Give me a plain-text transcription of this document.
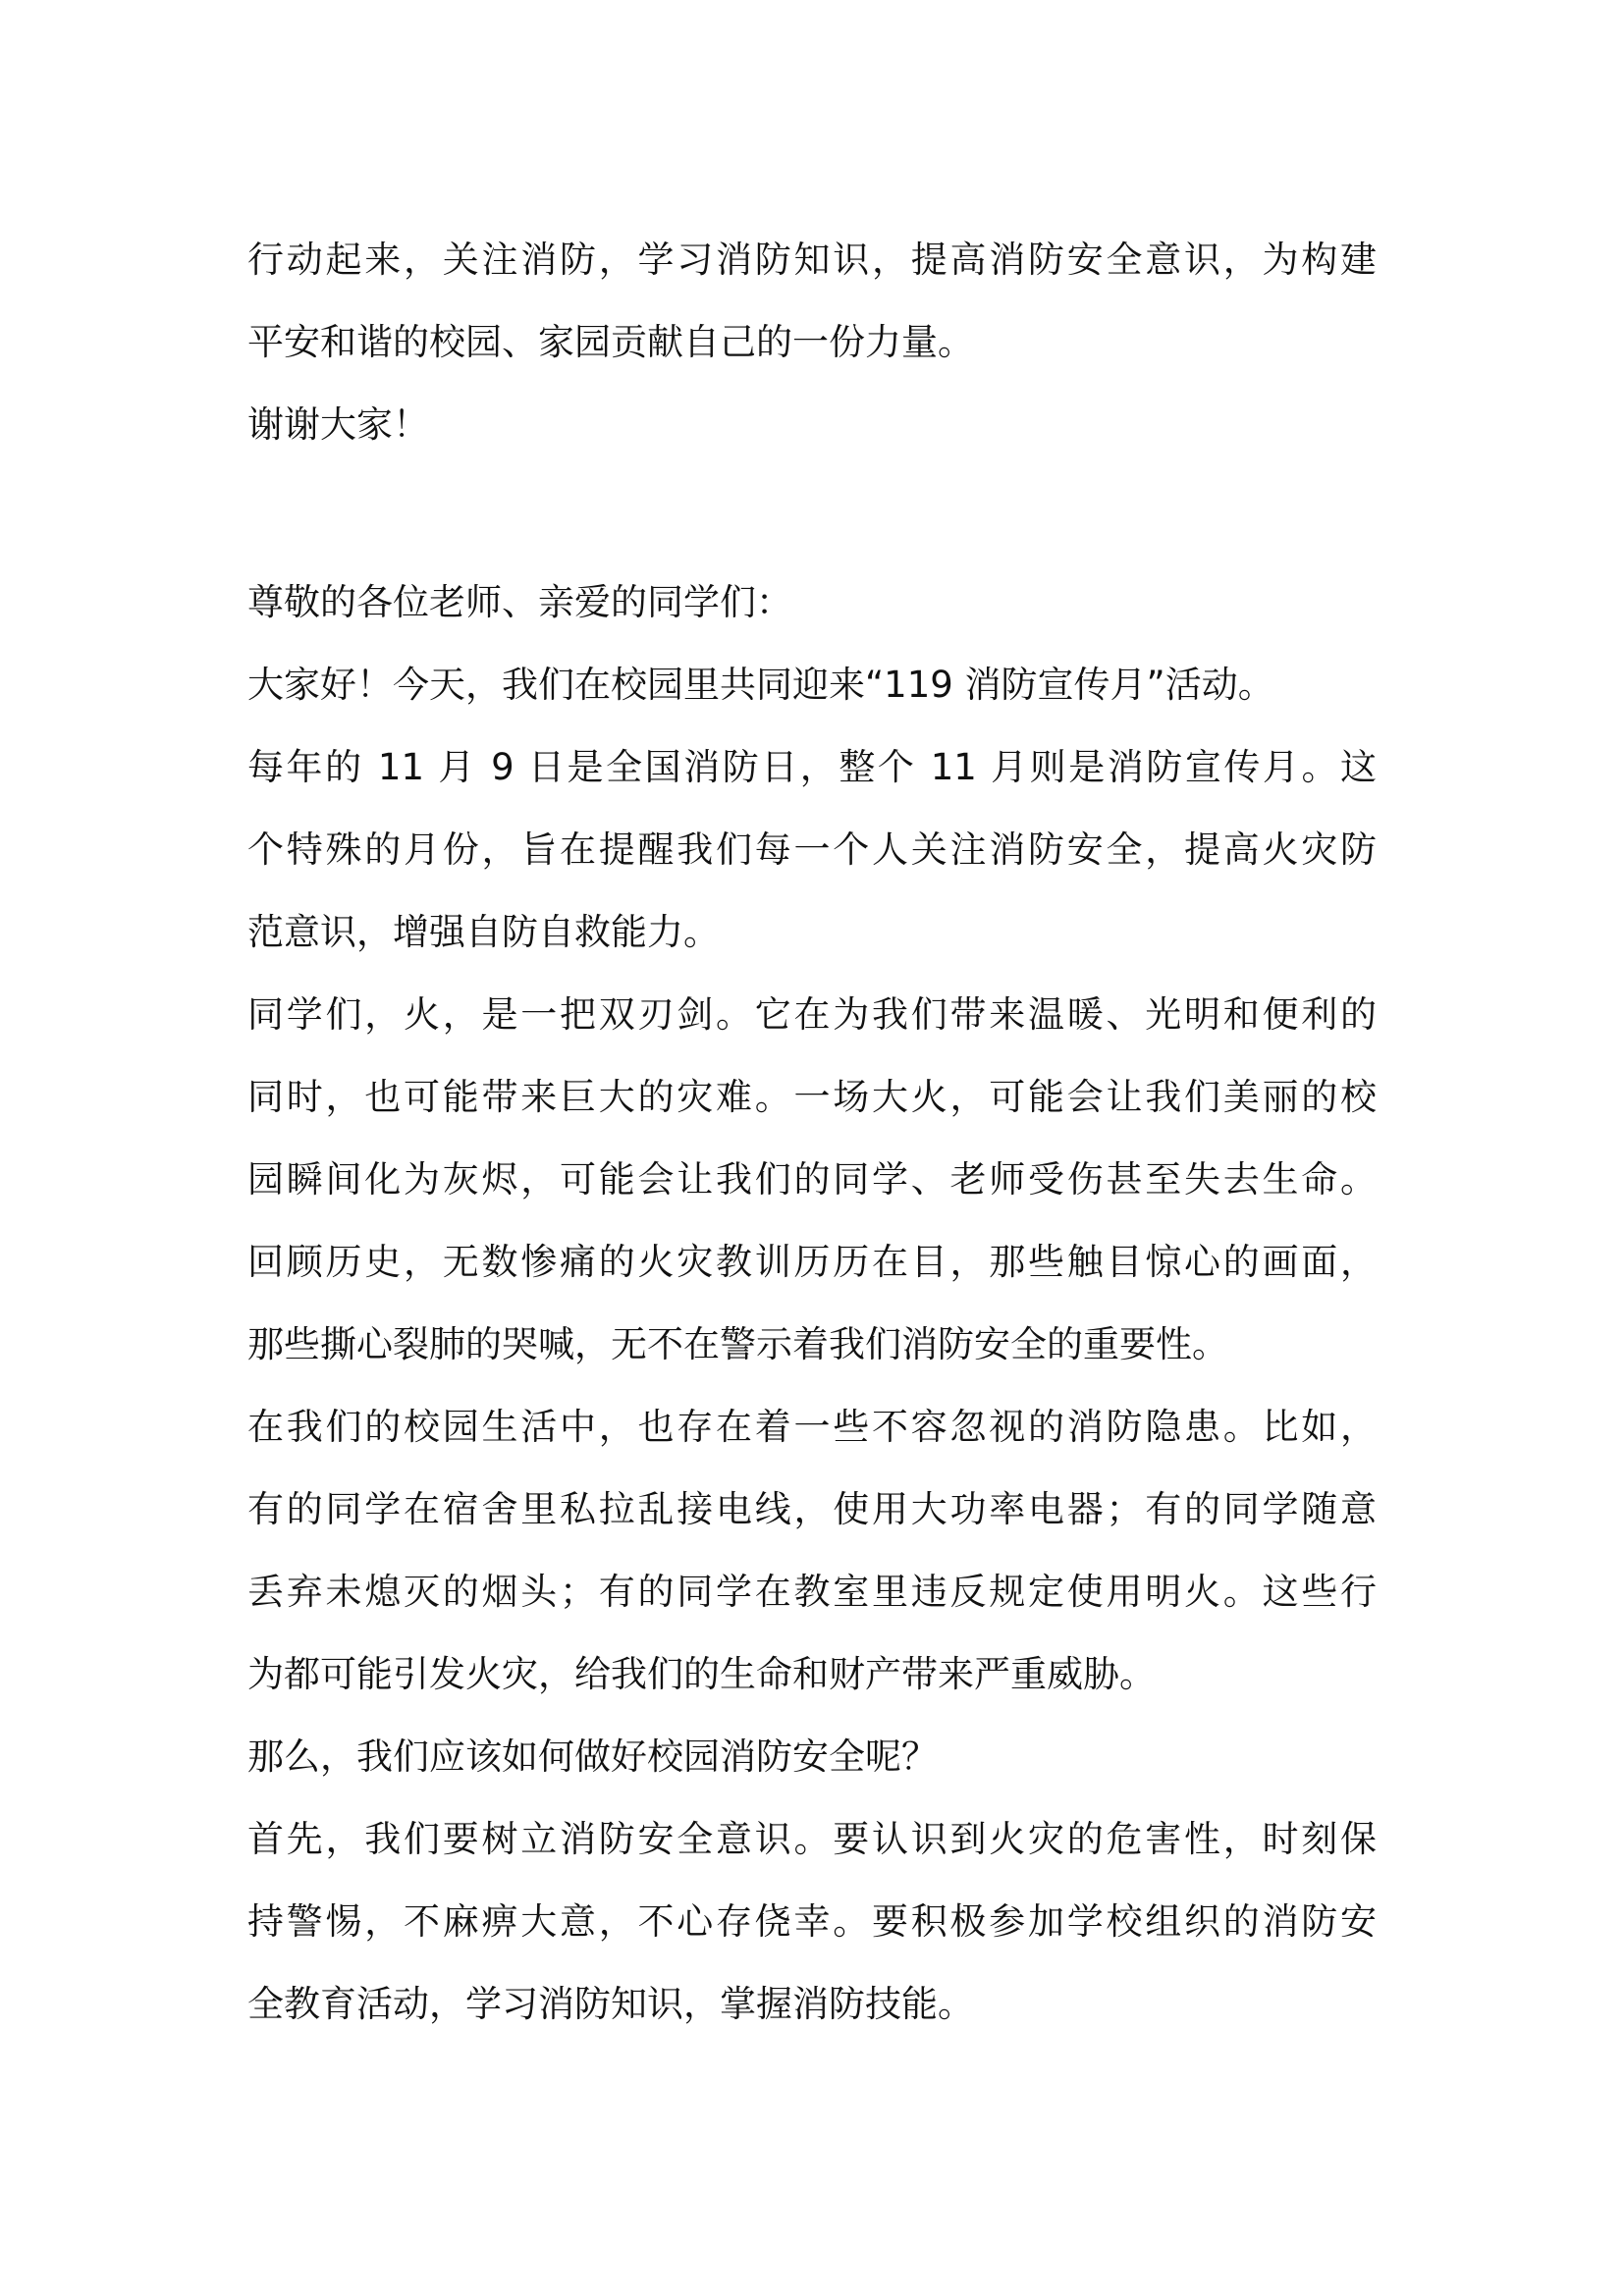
行动起来，关注消防，学习消防知识，提高消防安全意识，为构建

平安和谐的校园、家园贡献自己的一份力量。

谢谢大家！

尊敬的各位老师、亲爱的同学们：

大家好！今天，我们在校园里共同迎来“119 消防宣传月”活动。

每年的 11 月 9 日是全国消防日，整个 11 月则是消防宣传月。这

个特殊的月份，旨在提醒我们每一个人关注消防安全，提高火灾防

范意识，增强自防自救能力。

同学们，火，是一把双刃剑。它在为我们带来温暖、光明和便利的

同时，也可能带来巨大的灾难。一场大火，可能会让我们美丽的校

园瞬间化为灰烬，可能会让我们的同学、老师受伤甚至失去生命。

回顾历史，无数惨痛的火灾教训历历在目，那些触目惊心的画面，

那些撕心裂肺的哭喊，无不在警示着我们消防安全的重要性。

在我们的校园生活中，也存在着一些不容忽视的消防隐患。比如，

有的同学在宿舍里私拉乱接电线，使用大功率电器；有的同学随意

丢弃未熄灭的烟头；有的同学在教室里违反规定使用明火。这些行

为都可能引发火灾，给我们的生命和财产带来严重威胁。

那么，我们应该如何做好校园消防安全呢？

首先，我们要树立消防安全意识。要认识到火灾的危害性，时刻保

持警惕，不麻痹大意，不心存侥幸。要积极参加学校组织的消防安

全教育活动，学习消防知识，掌握消防技能。
